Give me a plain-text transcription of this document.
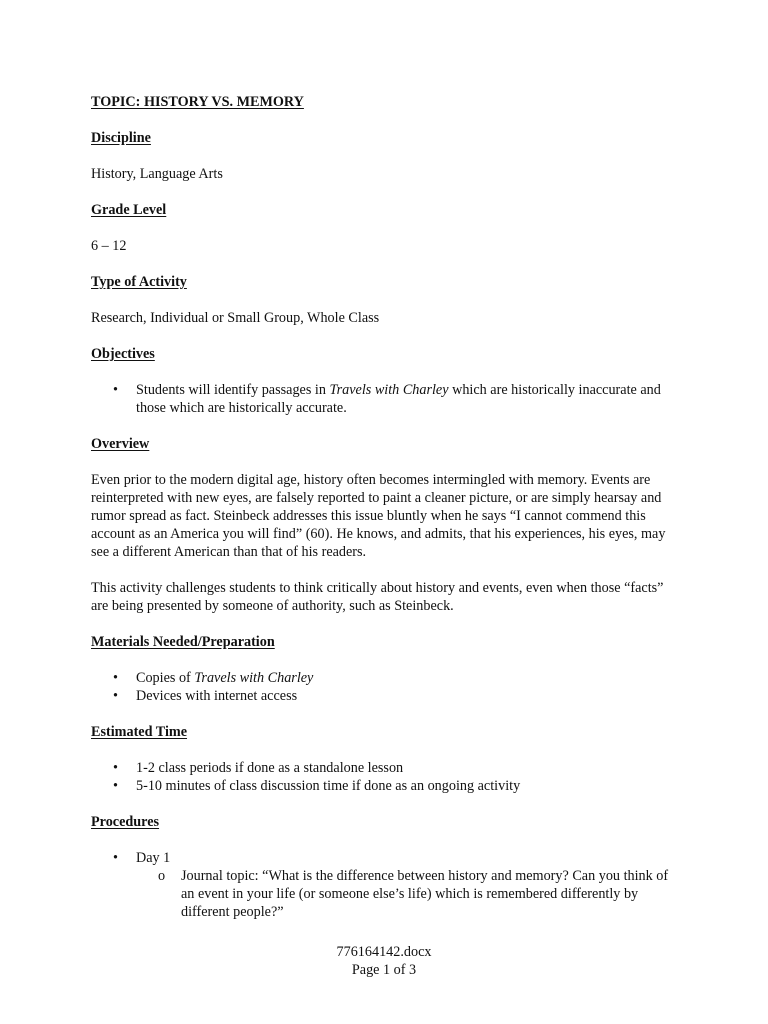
TOPIC: HISTORY VS. MEMORY
Discipline

History, Language Arts

Grade Level

6 – 12

Type of Activity

Research, Individual or Small Group, Whole Class

Objectives
• Students will identify passages in Travels with Charley which are historically inaccurate and those which are historically accurate.
Overview

Even prior to the modern digital age, history often becomes intermingled with memory. Events are reinterpreted with new eyes, are falsely reported to paint a cleaner picture, or are simply hearsay and rumor spread as fact. Steinbeck addresses this issue bluntly when he says “I cannot commend this account as an America you will find” (60). He knows, and admits, that his experiences, his eyes, may see a different American than that of his readers.

This activity challenges students to think critically about history and events, even when those “facts” are being presented by someone of authority, such as Steinbeck.

Materials Needed/Preparation
• Copies of Travels with Charley
• Devices with internet access
Estimated Time
• 1-2 class periods if done as a standalone lesson
• 5-10 minutes of class discussion time if done as an ongoing activity
Procedures
• Day 1
o Journal topic: “What is the difference between history and memory? Can you think of an event in your life (or someone else’s life) which is remembered differently by different people?”
776164142.docx
Page 1 of 3
